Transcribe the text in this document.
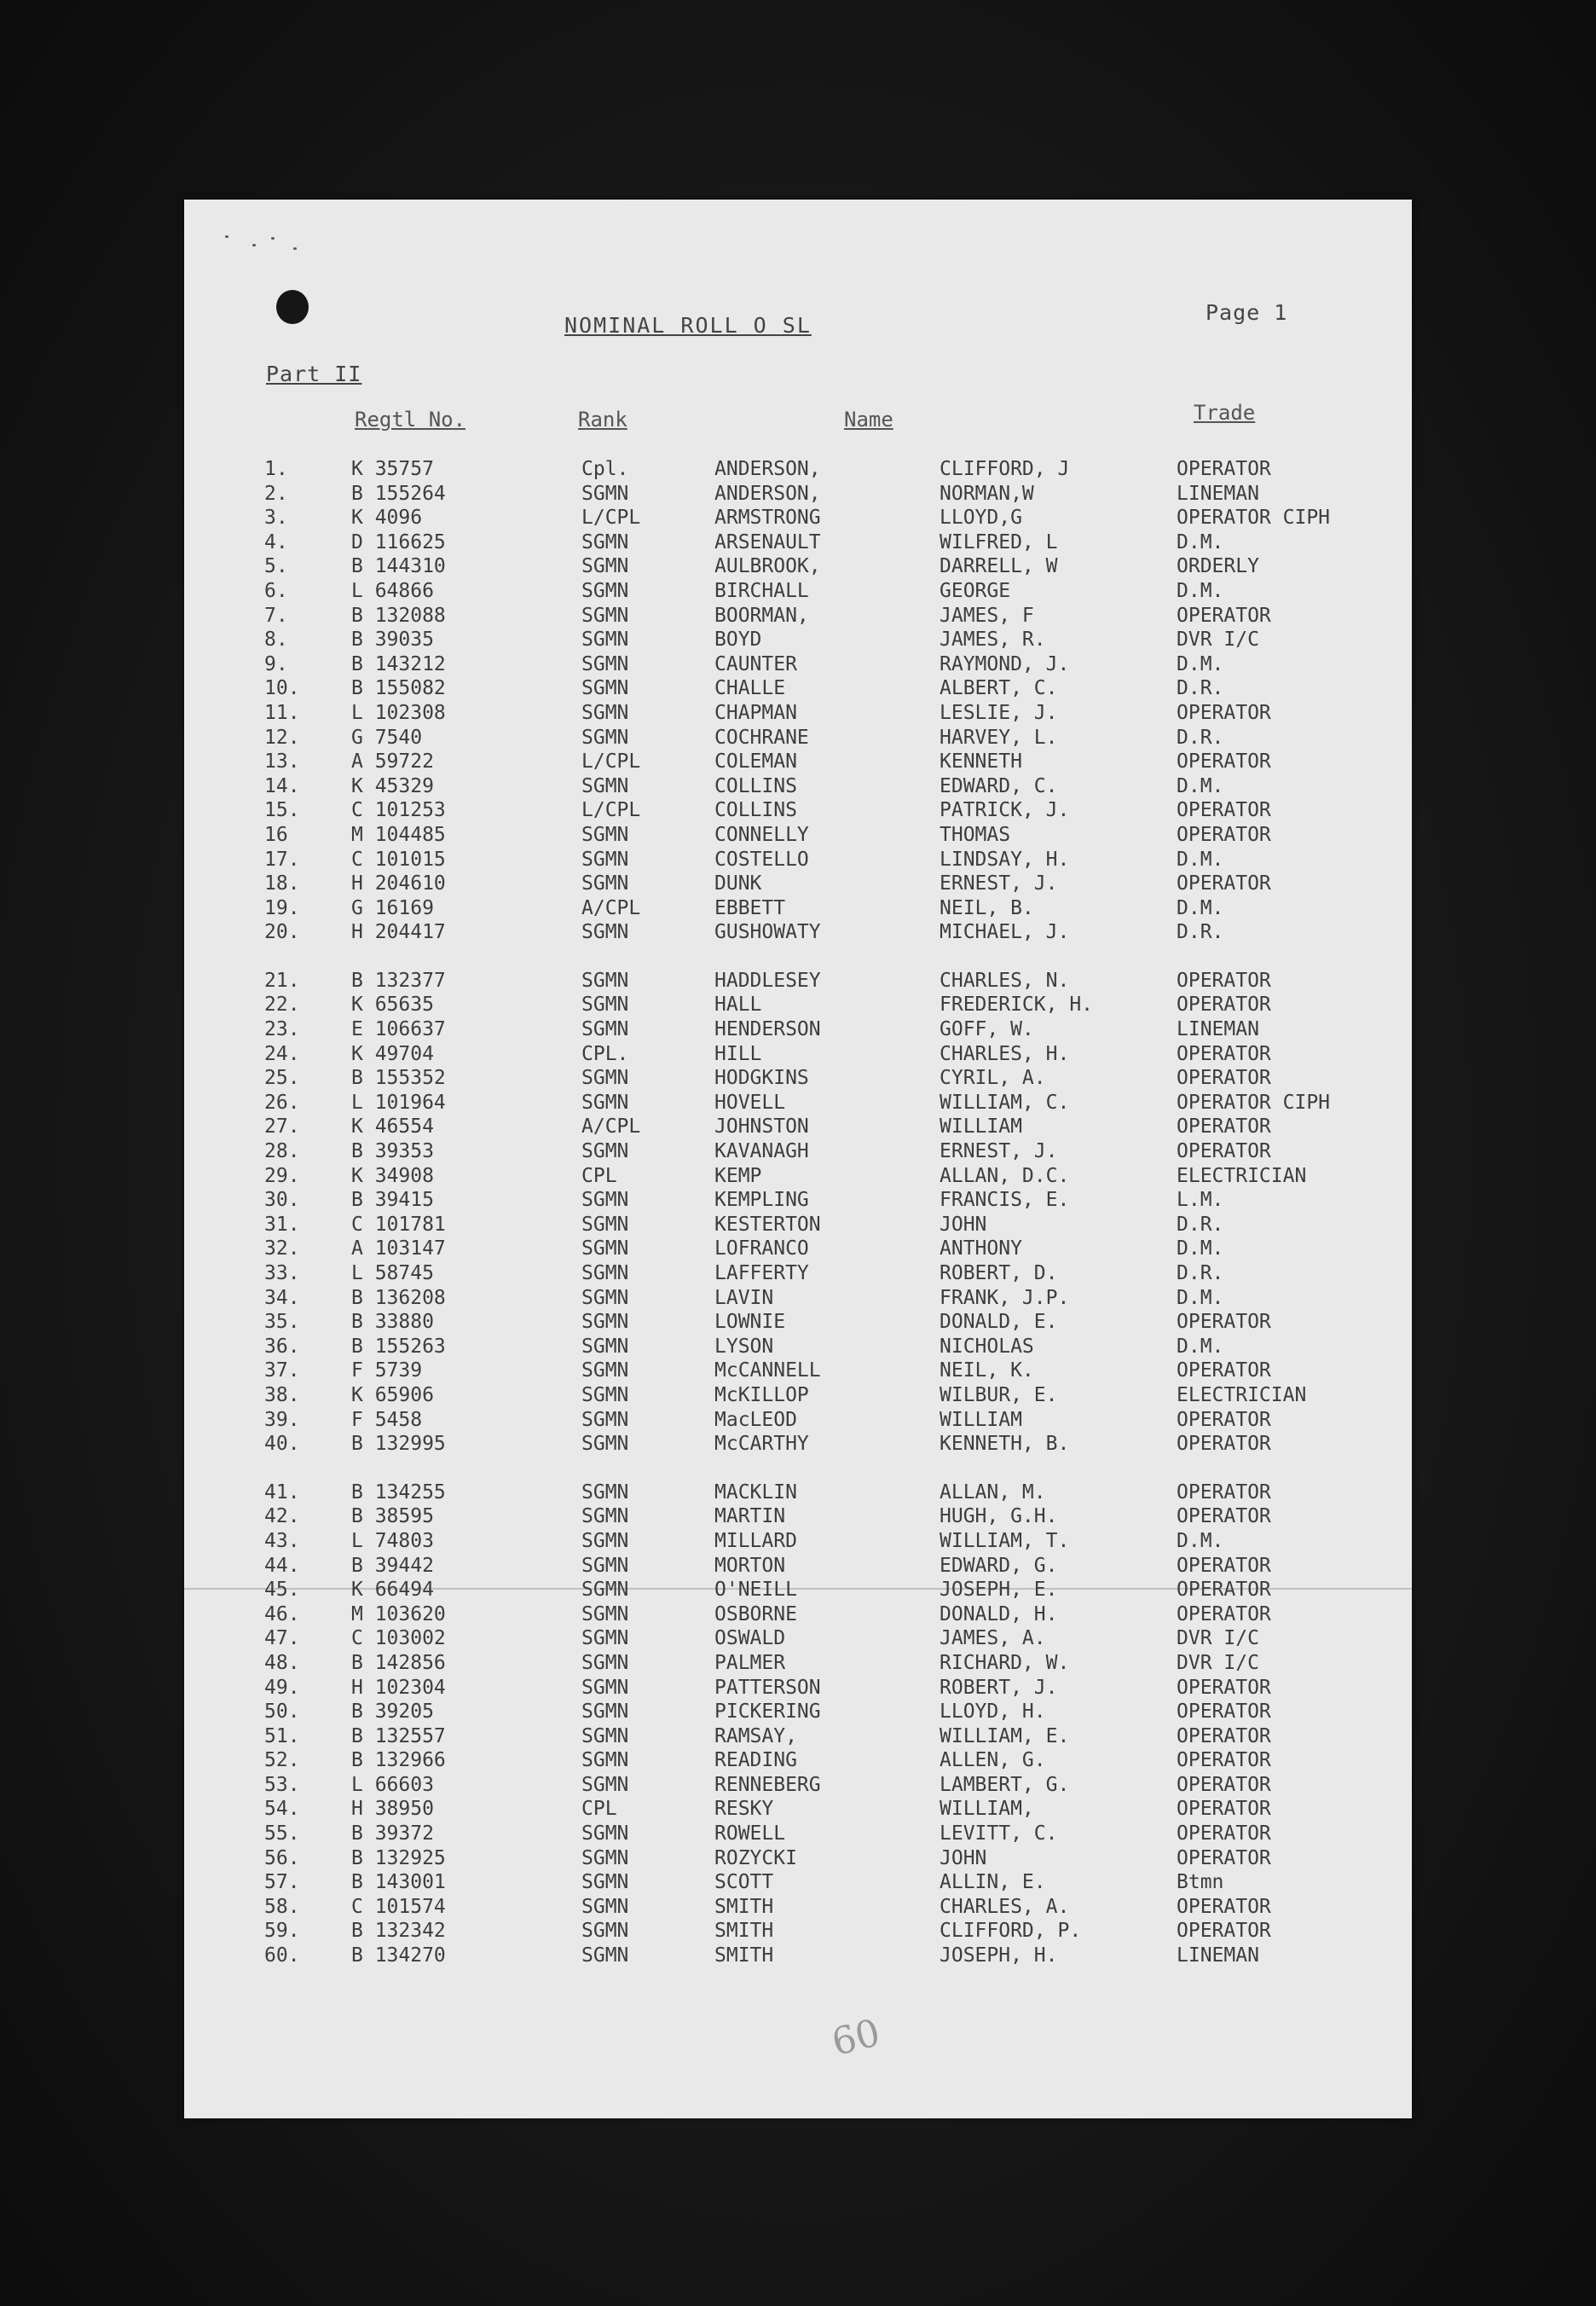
NOMINAL ROLL O SL
Page 1
Part II
Regtl No.	Rank	Name	Trade
1.	K 35757	Cpl.	ANDERSON,	CLIFFORD, J	OPERATOR
2.	B 155264	SGMN	ANDERSON,	NORMAN,W	LINEMAN
3.	K 4096	L/CPL	ARMSTRONG	LLOYD,G	OPERATOR CIPH
4.	D 116625	SGMN	ARSENAULT	WILFRED, L	D.M.
5.	B 144310	SGMN	AULBROOK,	DARRELL, W	ORDERLY
6.	L 64866	SGMN	BIRCHALL	GEORGE	D.M.
7.	B 132088	SGMN	BOORMAN,	JAMES, F	OPERATOR
8.	B 39035	SGMN	BOYD	JAMES, R.	DVR I/C
9.	B 143212	SGMN	CAUNTER	RAYMOND, J.	D.M.
10.	B 155082	SGMN	CHALLE	ALBERT, C.	D.R.
11.	L 102308	SGMN	CHAPMAN	LESLIE, J.	OPERATOR
12.	G 7540	SGMN	COCHRANE	HARVEY, L.	D.R.
13.	A 59722	L/CPL	COLEMAN	KENNETH	OPERATOR
14.	K 45329	SGMN	COLLINS	EDWARD, C.	D.M.
15.	C 101253	L/CPL	COLLINS	PATRICK, J.	OPERATOR
16	M 104485	SGMN	CONNELLY	THOMAS	OPERATOR
17.	C 101015	SGMN	COSTELLO	LINDSAY, H.	D.M.
18.	H 204610	SGMN	DUNK	ERNEST, J.	OPERATOR
19.	G 16169	A/CPL	EBBETT	NEIL, B.	D.M.
20.	H 204417	SGMN	GUSHOWATY	MICHAEL, J.	D.R.
21.	B 132377	SGMN	HADDLESEY	CHARLES, N.	OPERATOR
22.	K 65635	SGMN	HALL	FREDERICK, H.	OPERATOR
23.	E 106637	SGMN	HENDERSON	GOFF, W.	LINEMAN
24.	K 49704	CPL.	HILL	CHARLES, H.	OPERATOR
25.	B 155352	SGMN	HODGKINS	CYRIL, A.	OPERATOR
26.	L 101964	SGMN	HOVELL	WILLIAM, C.	OPERATOR CIPH
27.	K 46554	A/CPL	JOHNSTON	WILLIAM	OPERATOR
28.	B 39353	SGMN	KAVANAGH	ERNEST, J.	OPERATOR
29.	K 34908	CPL	KEMP	ALLAN, D.C.	ELECTRICIAN
30.	B 39415	SGMN	KEMPLING	FRANCIS, E.	L.M.
31.	C 101781	SGMN	KESTERTON	JOHN	D.R.
32.	A 103147	SGMN	LOFRANCO	ANTHONY	D.M.
33.	L 58745	SGMN	LAFFERTY	ROBERT, D.	D.R.
34.	B 136208	SGMN	LAVIN	FRANK, J.P.	D.M.
35.	B 33880	SGMN	LOWNIE	DONALD, E.	OPERATOR
36.	B 155263	SGMN	LYSON	NICHOLAS	D.M.
37.	F 5739	SGMN	McCANNELL	NEIL, K.	OPERATOR
38.	K 65906	SGMN	McKILLOP	WILBUR, E.	ELECTRICIAN
39.	F 5458	SGMN	MacLEOD	WILLIAM	OPERATOR
40.	B 132995	SGMN	McCARTHY	KENNETH, B.	OPERATOR
41.	B 134255	SGMN	MACKLIN	ALLAN, M.	OPERATOR
42.	B 38595	SGMN	MARTIN	HUGH, G.H.	OPERATOR
43.	L 74803	SGMN	MILLARD	WILLIAM, T.	D.M.
44.	B 39442	SGMN	MORTON	EDWARD, G.	OPERATOR
45.	K 66494	SGMN	O'NEILL	JOSEPH, E.	OPERATOR
46.	M 103620	SGMN	OSBORNE	DONALD, H.	OPERATOR
47.	C 103002	SGMN	OSWALD	JAMES, A.	DVR I/C
48.	B 142856	SGMN	PALMER	RICHARD, W.	DVR I/C
49.	H 102304	SGMN	PATTERSON	ROBERT, J.	OPERATOR
50.	B 39205	SGMN	PICKERING	LLOYD, H.	OPERATOR
51.	B 132557	SGMN	RAMSAY,	WILLIAM, E.	OPERATOR
52.	B 132966	SGMN	READING	ALLEN, G.	OPERATOR
53.	L 66603	SGMN	RENNEBERG	LAMBERT, G.	OPERATOR
54.	H 38950	CPL	RESKY	WILLIAM,	OPERATOR
55.	B 39372	SGMN	ROWELL	LEVITT, C.	OPERATOR
56.	B 132925	SGMN	ROZYCKI	JOHN	OPERATOR
57.	B 143001	SGMN	SCOTT	ALLIN, E.	Btmn
58.	C 101574	SGMN	SMITH	CHARLES, A.	OPERATOR
59.	B 132342	SGMN	SMITH	CLIFFORD, P.	OPERATOR
60.	B 134270	SGMN	SMITH	JOSEPH, H.	LINEMAN
60
